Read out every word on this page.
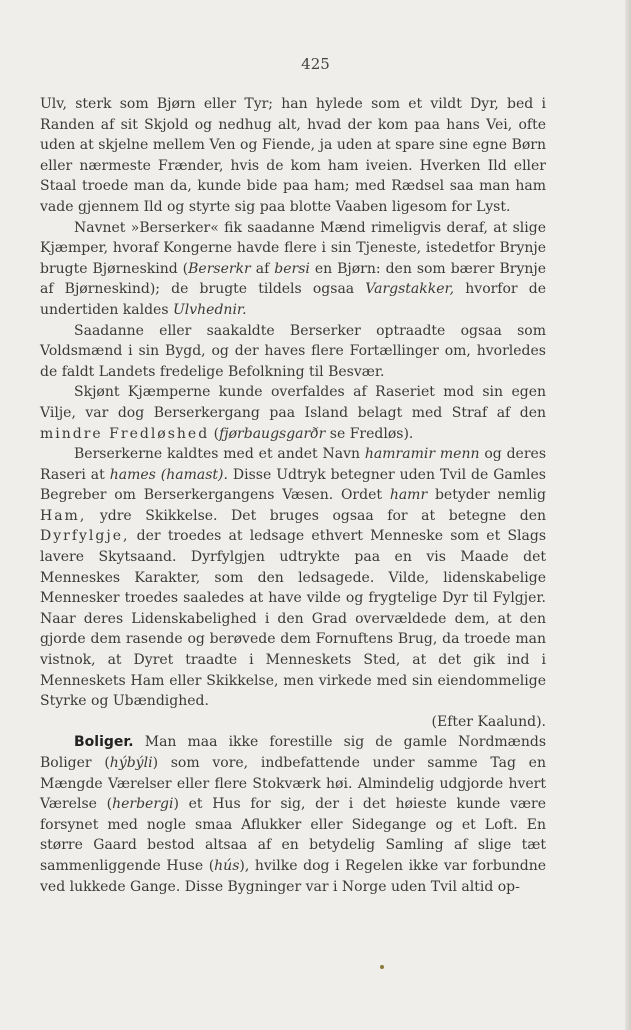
425

Ulv, sterk som Bjørn eller Tyr; han hylede som et vildt Dyr, bed i Randen af sit Skjold og nedhug alt, hvad der kom paa hans Vei, ofte uden at skjelne mellem Ven og Fiende, ja uden at spare sine egne Børn eller nærmeste Frænder, hvis de kom ham iveien. Hverken Ild eller Staal troede man da, kunde bide paa ham; med Rædsel saa man ham vade gjennem Ild og styrte sig paa blotte Vaaben ligesom for Lyst.

Navnet »Berserker« fik saadanne Mænd rimeligvis deraf, at slige Kjæmper, hvoraf Kongerne havde flere i sin Tjeneste, istedetfor Brynje brugte Bjørneskind (Berserkr af bersi en Bjørn: den som bærer Brynje af Bjørneskind); de brugte tildels ogsaa Vargstakker, hvorfor de undertiden kaldes Ulvhednir.

Saadanne eller saakaldte Berserker optraadte ogsaa som Voldsmænd i sin Bygd, og der haves flere Fortællinger om, hvorledes de faldt Landets fredelige Befolkning til Besvær.

Skjønt Kjæmperne kunde overfaldes af Raseriet mod sin egen Vilje, var dog Berserkergang paa Island belagt med Straf af den mindre Fredløshed (fjørbaugsgarðr se Fredløs).

Berserkerne kaldtes med et andet Navn hamramir menn og deres Raseri at hames (hamast). Disse Udtryk betegner uden Tvil de Gamles Begreber om Berserkergangens Væsen. Ordet hamr betyder nemlig Ham, ydre Skikkelse. Det bruges ogsaa for at betegne den Dyrfylgje, der troedes at ledsage ethvert Menneske som et Slags lavere Skytsaand. Dyrfylgjen udtrykte paa en vis Maade det Menneskes Karakter, som den ledsagede. Vilde, lidenskabelige Mennesker troedes saaledes at have vilde og frygtelige Dyr til Fylgjer. Naar deres Lidenskabelighed i den Grad overvældede dem, at den gjorde dem rasende og berøvede dem Fornuftens Brug, da troede man vistnok, at Dyret traadte i Menneskets Sted, at det gik ind i Menneskets Ham eller Skikkelse, men virkede med sin eiendommelige Styrke og Ubændighed.

(Efter Kaalund).

Boliger. Man maa ikke forestille sig de gamle Nordmænds Boliger (hýbýli) som vore, indbefattende under samme Tag en Mængde Værelser eller flere Stokværk høi. Almindelig udgjorde hvert Værelse (herbergi) et Hus for sig, der i det høieste kunde være forsynet med nogle smaa Aflukker eller Sidegange og et Loft. En større Gaard bestod altsaa af en betydelig Samling af slige tæt sammenliggende Huse (hús), hvilke dog i Regelen ikke var forbundne ved lukkede Gange. Disse Bygninger var i Norge uden Tvil altid op-
